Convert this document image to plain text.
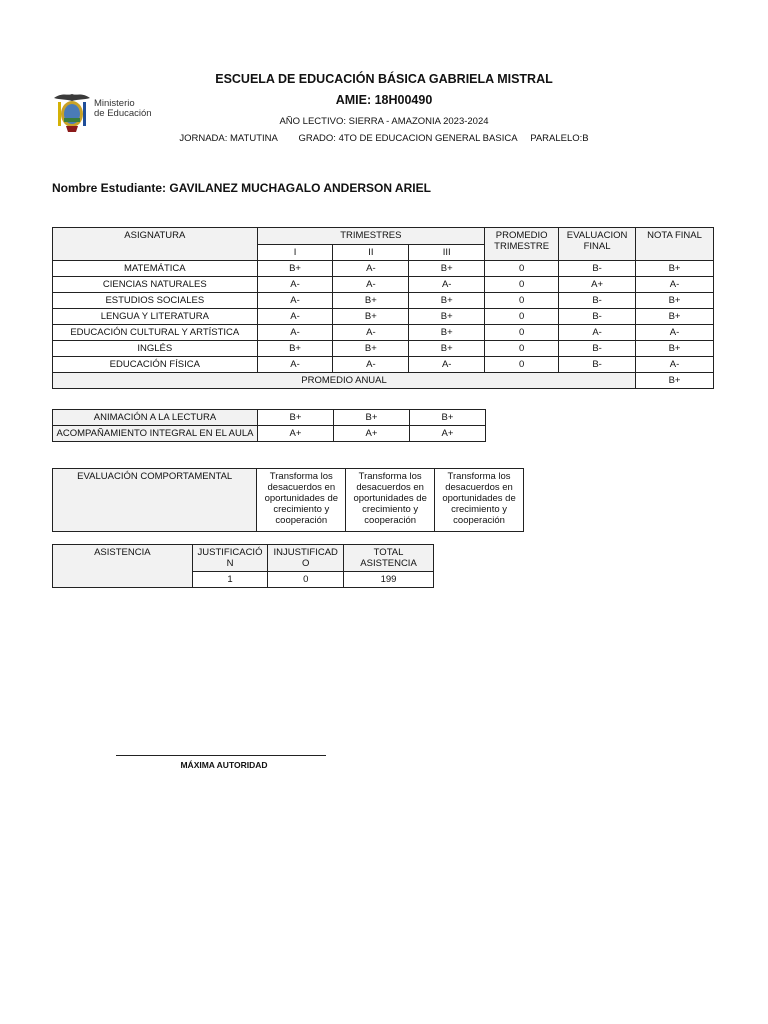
Ministerio
de Educación
ESCUELA DE EDUCACIÓN BÁSICA GABRIELA MISTRAL
AMIE: 18H00490
AÑO LECTIVO: SIERRA - AMAZONIA 2023-2024
JORNADA: MATUTINA        GRADO: 4TO DE EDUCACION GENERAL BASICA     PARALELO:B
Nombre Estudiante: GAVILANEZ MUCHAGALO ANDERSON ARIEL
ASIGNATURA	TRIMESTRES			PROMEDIO TRIMESTRE	EVALUACION FINAL	NOTA FINAL
	I	II	III			
MATEMÁTICA	B+	A-	B+	0	B-	B+
CIENCIAS NATURALES	A-	A-	A-	0	A+	A-
ESTUDIOS SOCIALES	A-	B+	B+	0	B-	B+
LENGUA Y LITERATURA	A-	B+	B+	0	B-	B+
EDUCACIÓN CULTURAL Y ARTÍSTICA	A-	A-	B+	0	A-	A-
INGLÉS	B+	B+	B+	0	B-	B+
EDUCACIÓN FÍSICA	A-	A-	A-	0	B-	A-
PROMEDIO ANUAL						B+
ANIMACIÓN A LA LECTURA	B+	B+	B+
ACOMPAÑAMIENTO INTEGRAL EN EL AULA	A+	A+	A+
EVALUACIÓN COMPORTAMENTAL	Transforma los desacuerdos en oportunidades de crecimiento y cooperación	Transforma los desacuerdos en oportunidades de crecimiento y cooperación	Transforma los desacuerdos en oportunidades de crecimiento y cooperación
ASISTENCIA	JUSTIFICACIÓN	INJUSTIFICADO	TOTAL ASISTENCIA
	1	0	199
MÁXIMA AUTORIDAD
